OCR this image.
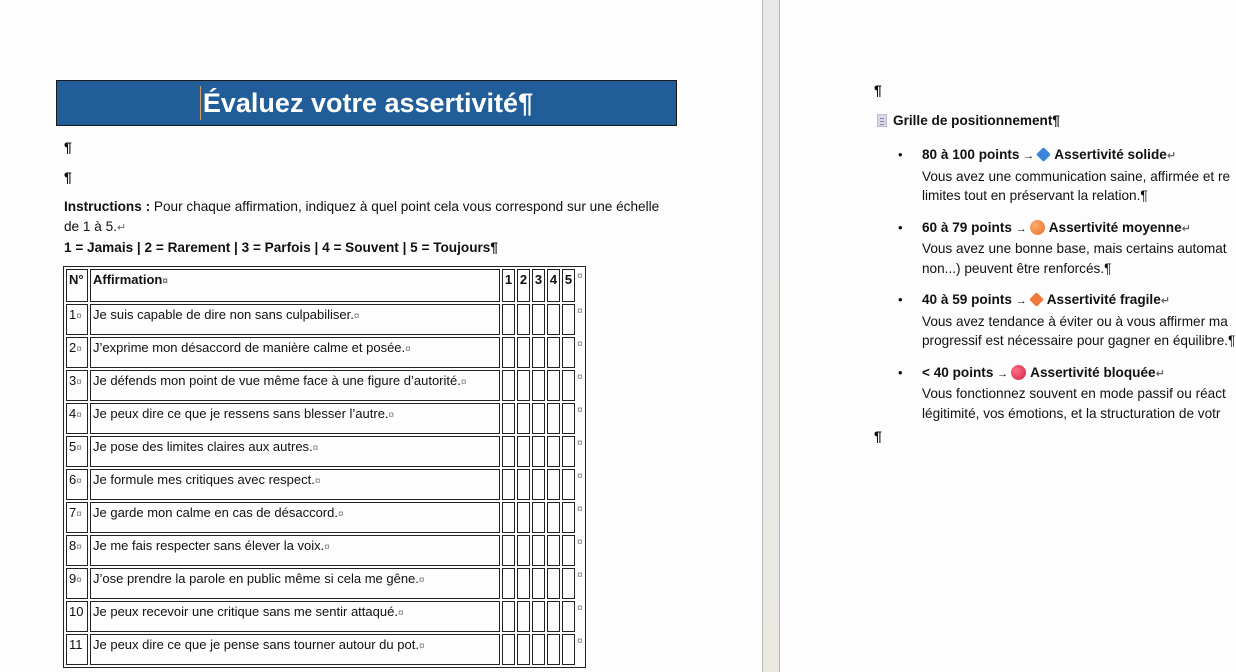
Évaluez votre assertivité¶
¶
¶
Instructions : Pour chaque affirmation, indiquez à quel point cela vous correspond sur une échelle de 1 à 5.↵
1 = Jamais | 2 = Rarement | 3 = Parfois | 4 = Souvent | 5 = Toujours¶
N°	Affirmation¤	1	2	3	4	5	¤
1¤	Je suis capable de dire non sans culpabiliser.¤						¤
2¤	J’exprime mon désaccord de manière calme et posée.¤						¤
3¤	Je défends mon point de vue même face à une figure d’autorité.¤						¤
4¤	Je peux dire ce que je ressens sans blesser l’autre.¤						¤
5¤	Je pose des limites claires aux autres.¤						¤
6¤	Je formule mes critiques avec respect.¤						¤
7¤	Je garde mon calme en cas de désaccord.¤						¤
8¤	Je me fais respecter sans élever la voix.¤						¤
9¤	J’ose prendre la parole en public même si cela me gêne.¤						¤
10	Je peux recevoir une critique sans me sentir attaqué.¤						¤
11	Je peux dire ce que je pense sans tourner autour du pot.¤						¤
¶
Grille de positionnement¶
• 80 à 100 points → Assertivité solide↵
Vous avez une communication saine, affirmée et re
limites tout en préservant la relation.¶
• 60 à 79 points → Assertivité moyenne↵
Vous avez une bonne base, mais certains automat
non...) peuvent être renforcés.¶
• 40 à 59 points → Assertivité fragile↵
Vous avez tendance à éviter ou à vous affirmer ma
progressif est nécessaire pour gagner en équilibre.¶
• < 40 points → Assertivité bloquée↵
Vous fonctionnez souvent en mode passif ou réact
légitimité, vos émotions, et la structuration de votr
¶
